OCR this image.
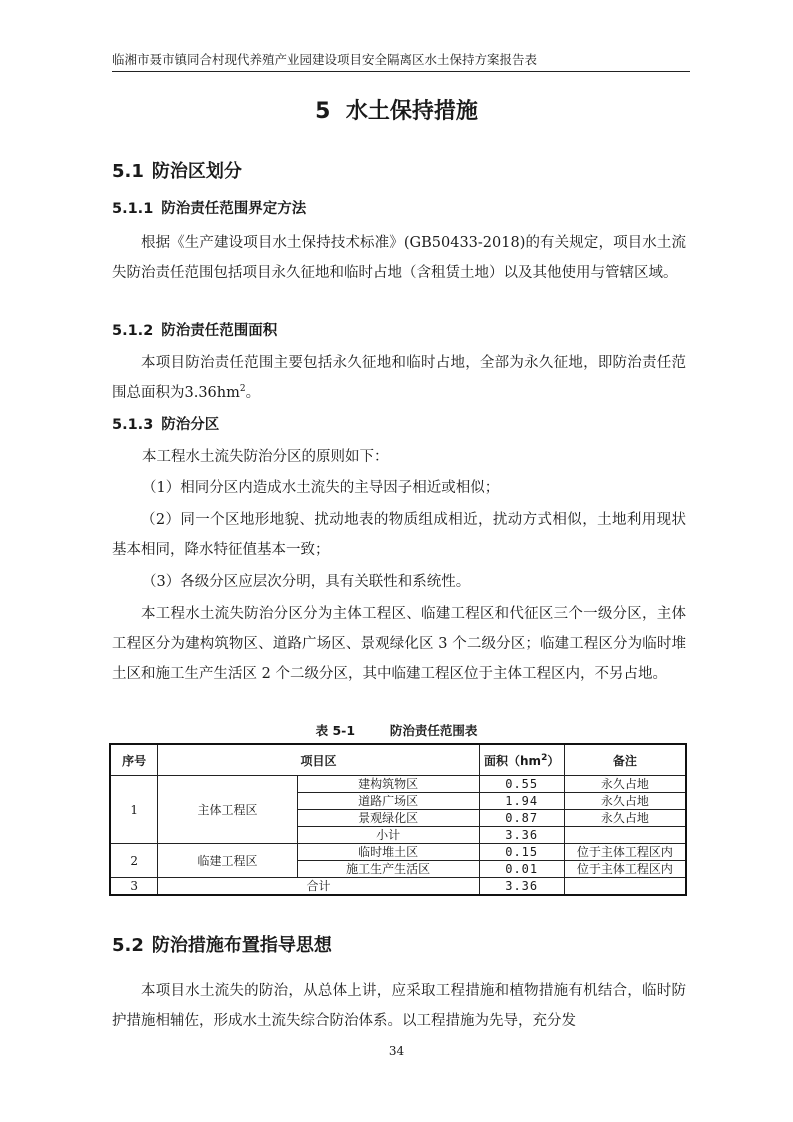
临湘市聂市镇同合村现代养殖产业园建设项目安全隔离区水土保持方案报告表
5 水土保持措施
5.1 防治区划分
5.1.1 防治责任范围界定方法
根据《生产建设项目水土保持技术标准》(GB50433-2018)的有关规定，项目水土流失防治责任范围包括项目永久征地和临时占地（含租赁土地）以及其他使用与管辖区域。
5.1.2 防治责任范围面积
本项目防治责任范围主要包括永久征地和临时占地，全部为永久征地，即防治责任范围总面积为$3.36hm^2$。
5.1.3 防治分区
本工程水土流失防治分区的原则如下：
（1）相同分区内造成水土流失的主导因子相近或相似；
（2）同一个区地形地貌、扰动地表的物质组成相近，扰动方式相似，土地利用现状基本相同，降水特征值基本一致；
（3）各级分区应层次分明，具有关联性和系统性。
本工程水土流失防治分区分为主体工程区、临建工程区和代征区三个一级分区，主体工程区分为建构筑物区、道路广场区、景观绿化区 3 个二级分区；临建工程区分为临时堆土区和施工生产生活区 2 个二级分区，其中临建工程区位于主体工程区内，不另占地。
表 5-1        防治责任范围表
序号	项目区		面积$(hm^2)$	备注
1	主体工程区	建构筑物区	0.55	永久占地
		道路广场区	1.94	永久占地
		景观绿化区	0.87	永久占地
		小计	3.36	
2	临建工程区	临时堆土区	0.15	位于主体工程区内
		施工生产生活区	0.01	位于主体工程区内
3	合计		3.36	
5.2 防治措施布置指导思想
本项目水土流失的防治，从总体上讲，应采取工程措施和植物措施有机结合，临时防护措施相辅佐，形成水土流失综合防治体系。以工程措施为先导，充分发
34
